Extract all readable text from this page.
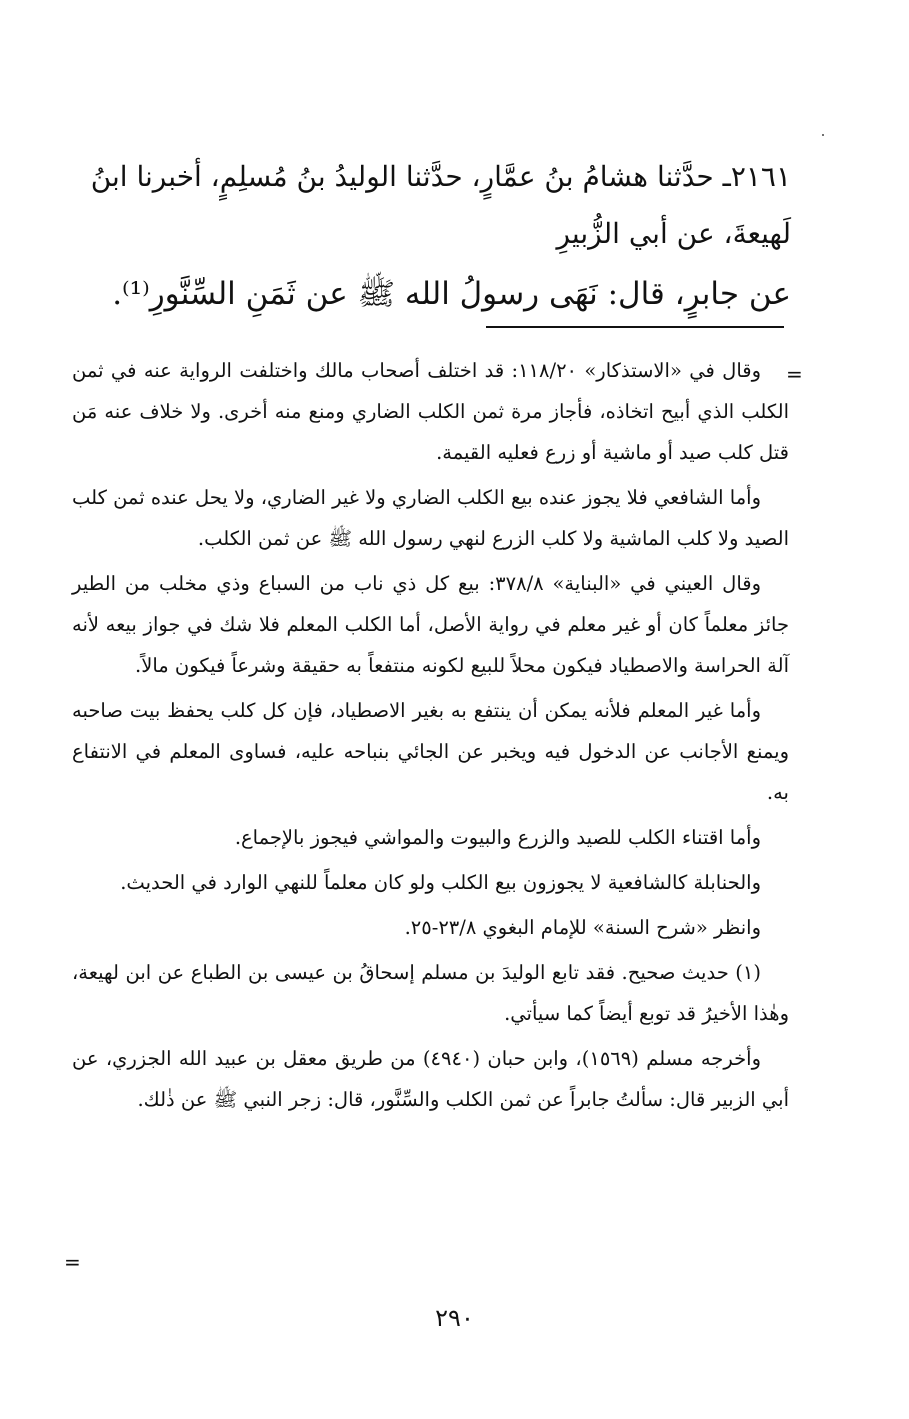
٢١٦١ـ حدَّثنا هشامُ بنُ عمَّارٍ، حدَّثنا الوليدُ بنُ مُسلِمٍ، أخبرنا ابنُ

لَهيعةَ، عن أبي الزُّبيرِ

عن جابرٍ، قال: نَهَى رسولُ الله ﷺ عن ثَمَنِ السِّنَّورِ⁽¹⁾.

=

وقال في «الاستذكار» ١١٨/٢٠: قد اختلف أصحاب مالك واختلفت الرواية عنه في ثمن الكلب الذي أبيح اتخاذه، فأجاز مرة ثمن الكلب الضاري ومنع منه أخرى. ولا خلاف عنه مَن قتل كلب صيد أو ماشية أو زرع فعليه القيمة.

وأما الشافعي فلا يجوز عنده بيع الكلب الضاري ولا غير الضاري، ولا يحل عنده ثمن كلب الصيد ولا كلب الماشية ولا كلب الزرع لنهي رسول الله ﷺ عن ثمن الكلب.

وقال العيني في «البناية» ٣٧٨/٨: بيع كل ذي ناب من السباع وذي مخلب من الطير جائز معلماً كان أو غير معلم في رواية الأصل، أما الكلب المعلم فلا شك في جواز بيعه لأنه آلة الحراسة والاصطياد فيكون محلاً للبيع لكونه منتفعاً به حقيقة وشرعاً فيكون مالاً.

وأما غير المعلم فلأنه يمكن أن ينتفع به بغير الاصطياد، فإن كل كلب يحفظ بيت صاحبه ويمنع الأجانب عن الدخول فيه ويخبر عن الجائي بنباحه عليه، فساوى المعلم في الانتفاع به.

وأما اقتناء الكلب للصيد والزرع والبيوت والمواشي فيجوز بالإجماع.

والحنابلة كالشافعية لا يجوزون بيع الكلب ولو كان معلماً للنهي الوارد في الحديث.

وانظر «شرح السنة» للإمام البغوي ٢٣/٨-٢٥.

(١) حديث صحيح. فقد تابع الوليدَ بن مسلم إسحاقُ بن عيسى بن الطباع عن ابن لهيعة، وهٰذا الأخيرُ قد توبع أيضاً كما سيأتي.

وأخرجه مسلم (١٥٦٩)، وابن حبان (٤٩٤٠) من طريق معقل بن عبيد الله الجزري، عن أبي الزبير قال: سألتُ جابراً عن ثمن الكلب والسِّنَّور، قال: زجر النبي ﷺ عن ذٰلك.

=
٢٩٠
